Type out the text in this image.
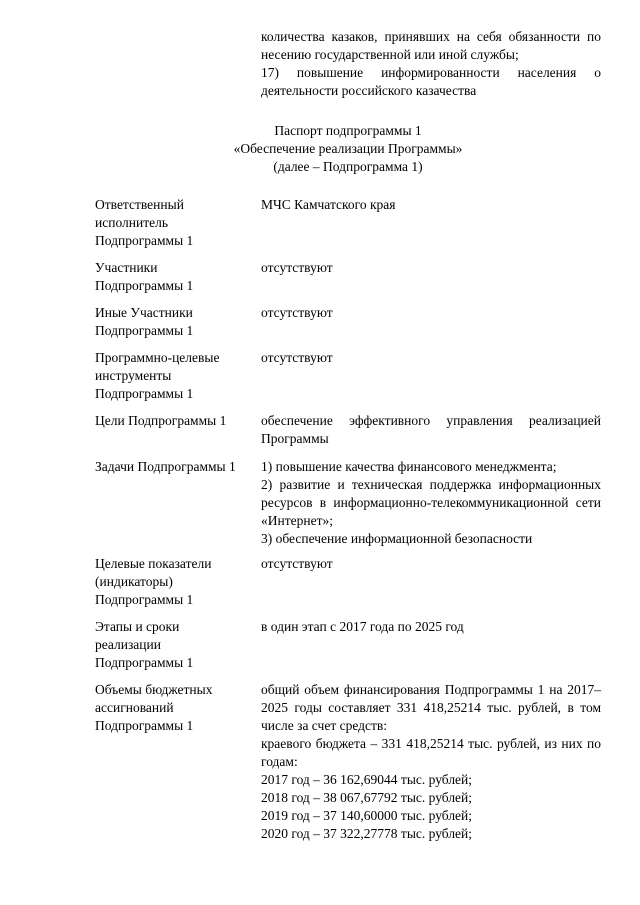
количества казаков, принявших на себя обязанности по несению государственной или иной службы;

17) повышение информированности населения о деятельности российского казачества

Паспорт подпрограммы 1
«Обеспечение реализации Программы»
(далее – Подпрограмма 1)
Ответственный исполнитель Подпрограммы 1

МЧС Камчатского края

Участники Подпрограммы 1

отсутствуют

Иные Участники Подпрограммы 1

отсутствуют

Программно-целевые инструменты Подпрограммы 1

отсутствуют

Цели Подпрограммы 1	обеспечение эффективного управления реализацией Программы

Задачи Подпрограммы 1	1) повышение качества финансового менеджмента;

2) развитие и техническая поддержка информационных ресурсов в информационно-телекоммуникационной сети «Интернет»;

3) обеспечение информационной безопасности

Целевые показатели (индикаторы) Подпрограммы 1

отсутствуют

Этапы и сроки реализации Подпрограммы 1

в один этап с 2017 года по 2025 год

Объемы бюджетных ассигнований Подпрограммы 1

общий объем финансирования Подпрограммы 1 на 2017–2025 годы составляет 331 418,25214 тыс. рублей, в том числе за счет средств:

краевого бюджета – 331 418,25214 тыс. рублей, из них по годам:

2017 год – 36 162,69044 тыс. рублей;

2018 год – 38 067,67792 тыс. рублей;

2019 год – 37 140,60000 тыс. рублей;

2020 год – 37 322,27778 тыс. рублей;
